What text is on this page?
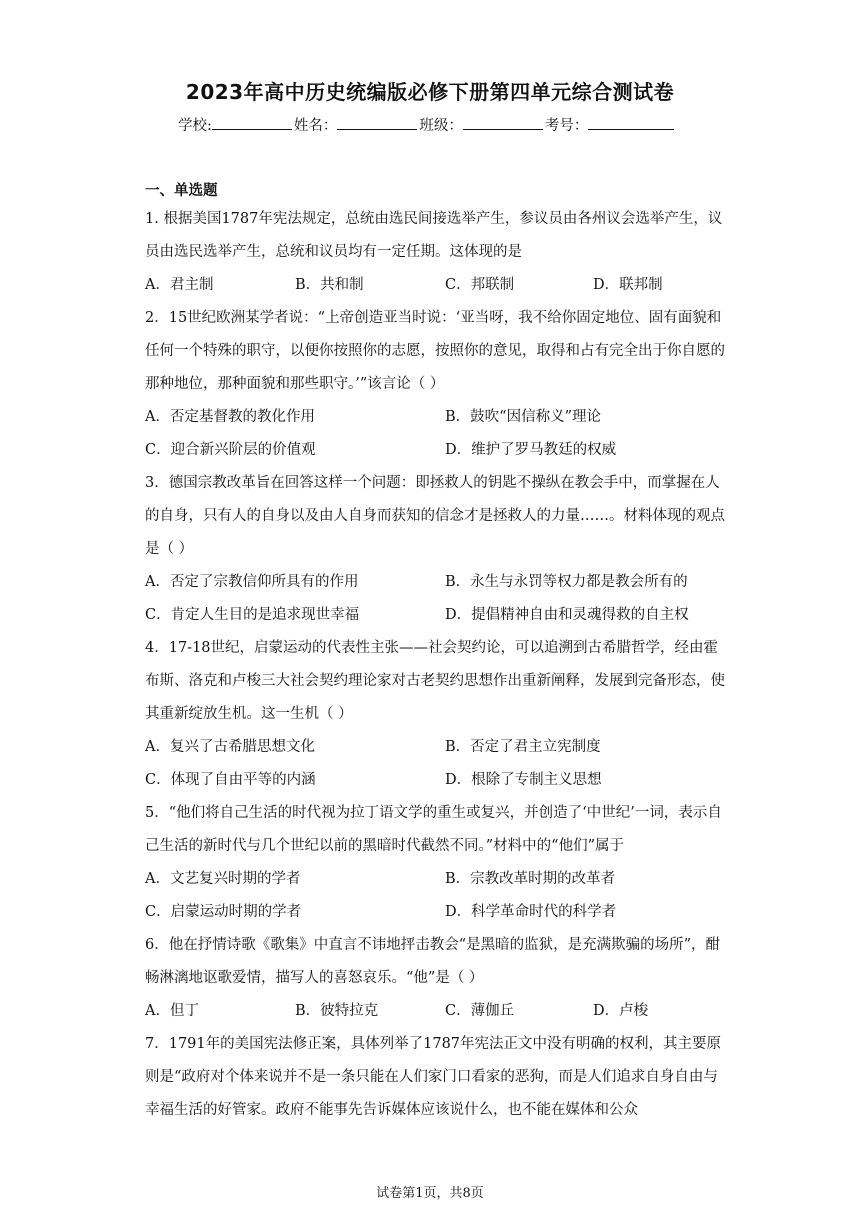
2023年高中历史统编版必修下册第四单元综合测试卷
学校:	姓名：	班级：	考号：
一、单选题

1. 根据美国1787年宪法规定，总统由选民间接选举产生，参议员由各州议会选举产生，议员由选民选举产生，总统和议员均有一定任期。这体现的是

A．君主制	B．共和制	C．邦联制	D．联邦制

2．15世纪欧洲某学者说：“上帝创造亚当时说：‘亚当呀，我不给你固定地位、固有面貌和任何一个特殊的职守，以便你按照你的志愿，按照你的意见，取得和占有完全出于你自愿的那种地位，那种面貌和那些职守。’”该言论（ ）

A．否定基督教的教化作用	B．鼓吹“因信称义”理论
C．迎合新兴阶层的价值观	D．维护了罗马教廷的权威

3．德国宗教改革旨在回答这样一个问题：即拯救人的钥匙不操纵在教会手中，而掌握在人的自身，只有人的自身以及由人自身而获知的信念才是拯救人的力量……。材料体现的观点是（ ）

A．否定了宗教信仰所具有的作用	B．永生与永罚等权力都是教会所有的
C．肯定人生目的是追求现世幸福	D．提倡精神自由和灵魂得救的自主权

4．17-18世纪，启蒙运动的代表性主张——社会契约论，可以追溯到古希腊哲学，经由霍布斯、洛克和卢梭三大社会契约理论家对古老契约思想作出重新阐释，发展到完备形态，使其重新绽放生机。这一生机（ ）

A．复兴了古希腊思想文化	B．否定了君主立宪制度
C．体现了自由平等的内涵	D．根除了专制主义思想

5．“他们将自己生活的时代视为拉丁语文学的重生或复兴，并创造了‘中世纪’一词，表示自己生活的新时代与几个世纪以前的黑暗时代截然不同。”材料中的“他们”属于

A．文艺复兴时期的学者	B．宗教改革时期的改革者
C．启蒙运动时期的学者	D．科学革命时代的科学者

6．他在抒情诗歌《歌集》中直言不讳地抨击教会“是黑暗的监狱，是充满欺骗的场所”，酣畅淋漓地讴歌爱情，描写人的喜怒哀乐。“他”是（ ）

A．但丁	B．彼特拉克	C．薄伽丘	D．卢梭

7．1791年的美国宪法修正案，具体列举了1787年宪法正文中没有明确的权利，其主要原则是“政府对个体来说并不是一条只能在人们家门口看家的恶狗，而是人们追求自身自由与幸福生活的好管家。政府不能事先告诉媒体应该说什么，也不能在媒体和公众

试卷第1页，共8页
